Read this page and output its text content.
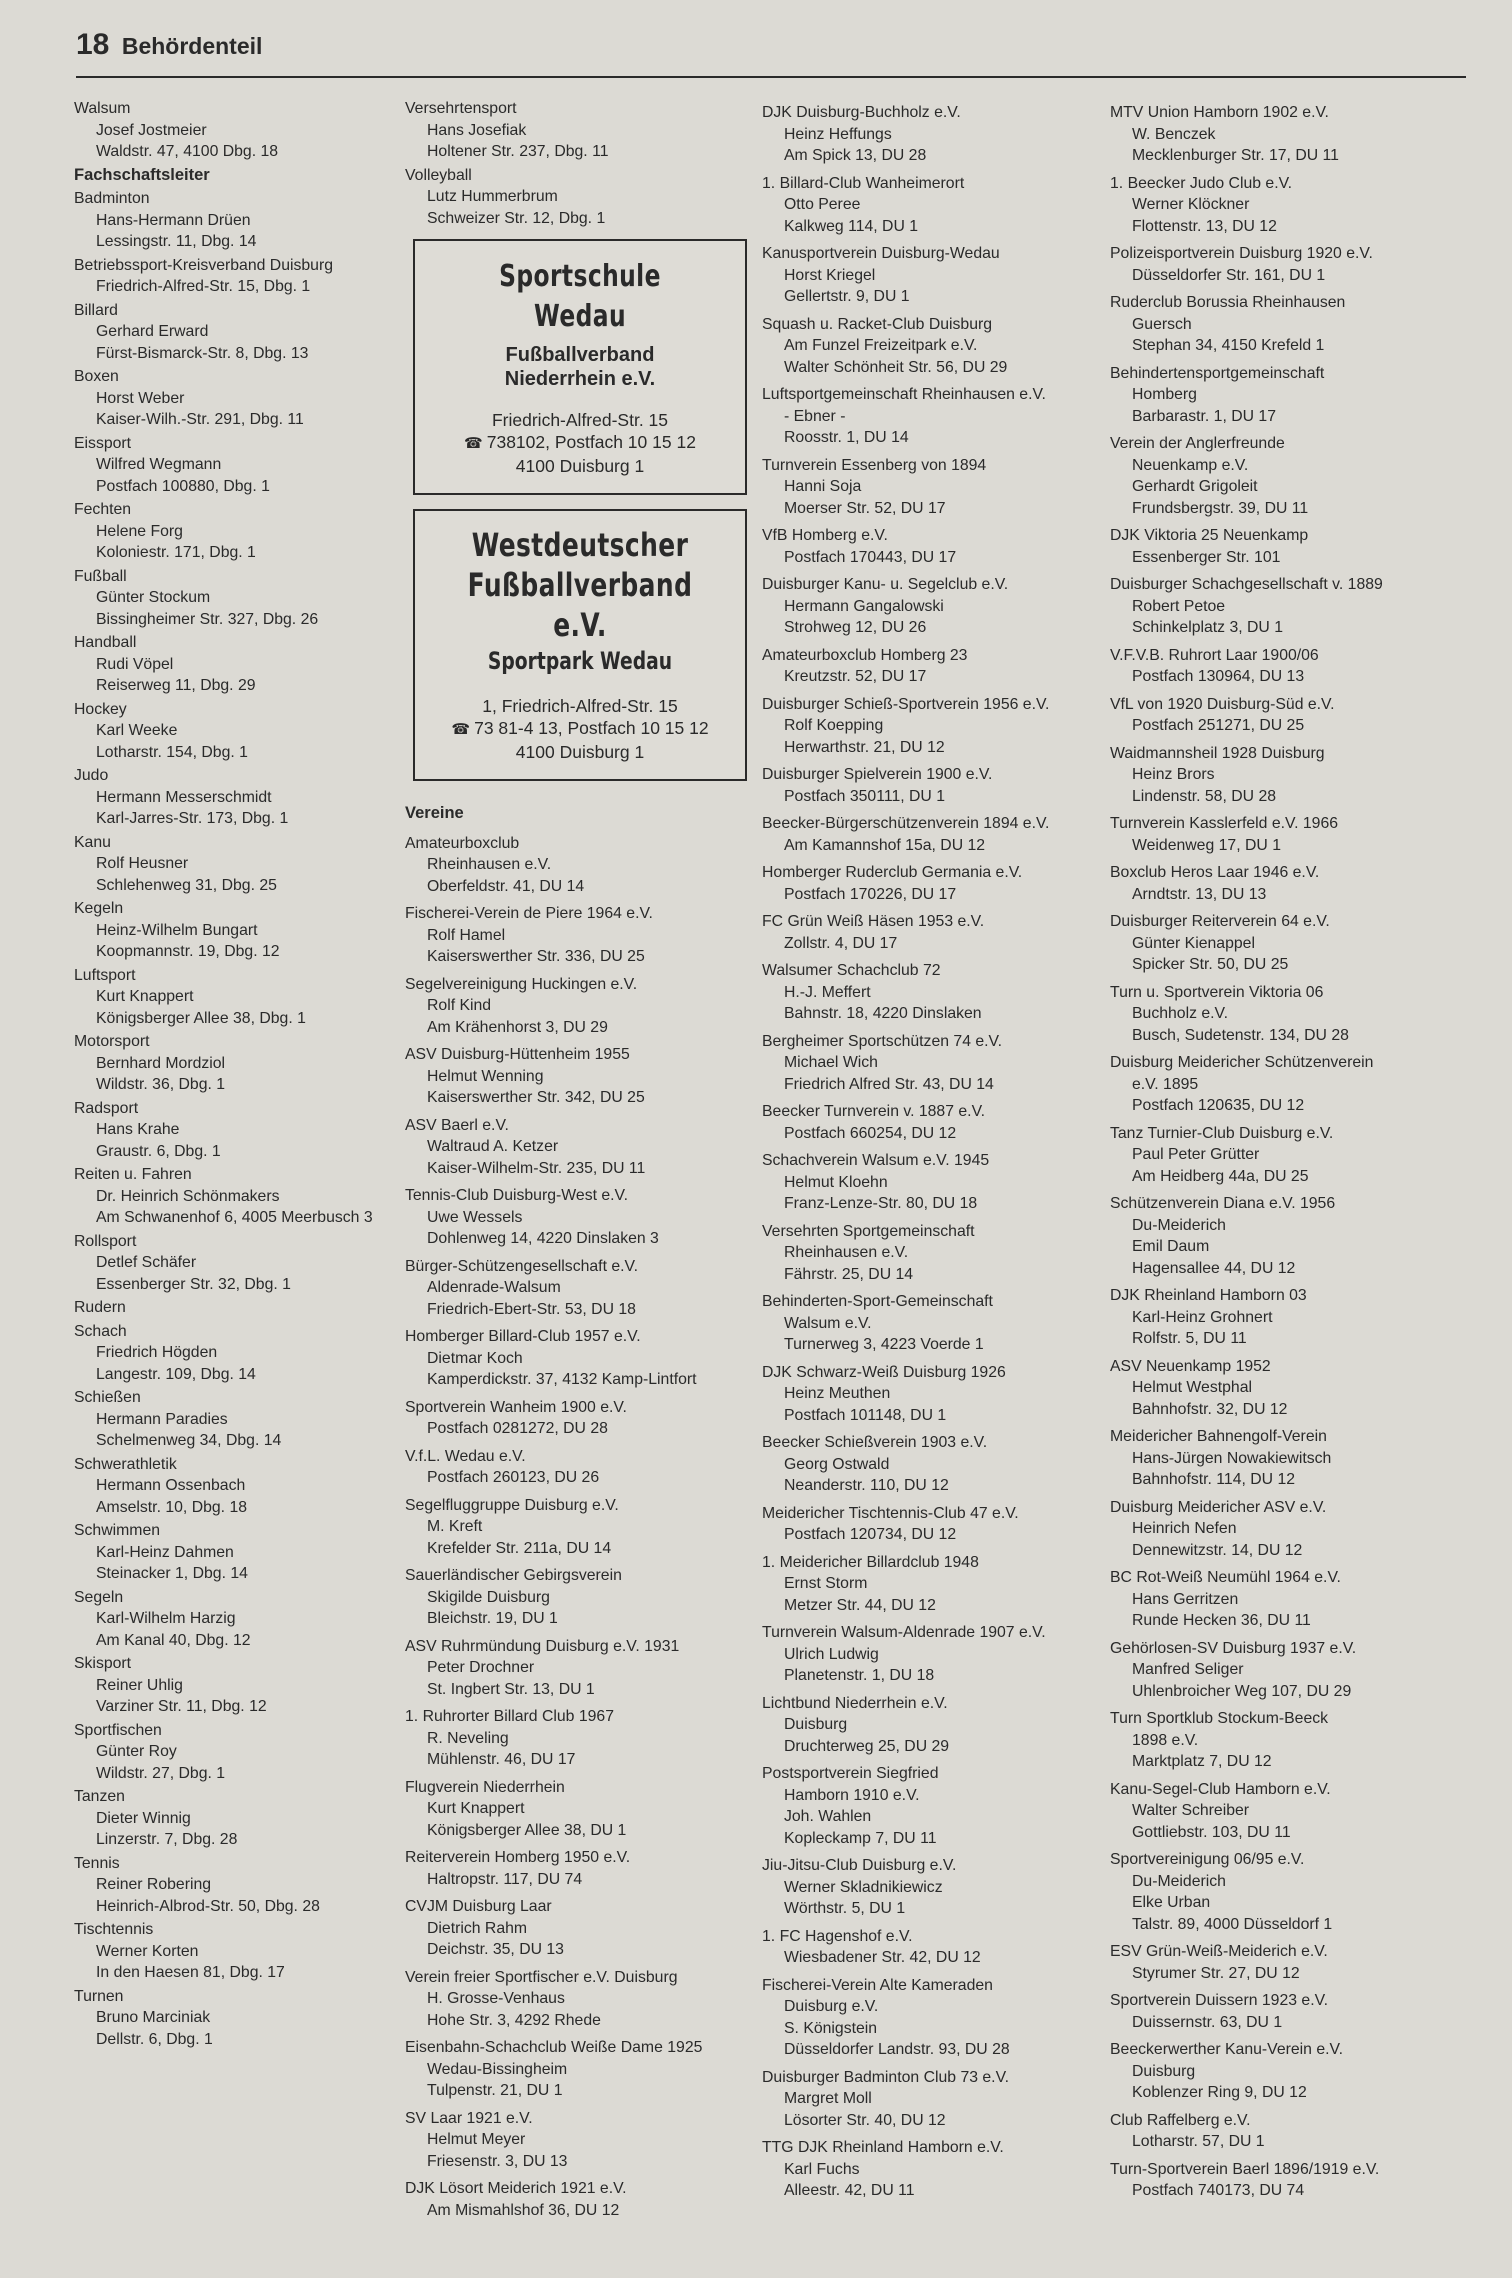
18 Behördenteil
Walsum
Josef Jostmeier
Waldstr. 47, 4100 Dbg. 18
Fachschaftsleiter
Badminton
Hans-Hermann Drüen
Lessingstr. 11, Dbg. 14
Betriebssport-Kreisverband Duisburg
Friedrich-Alfred-Str. 15, Dbg. 1
Billard
Gerhard Erward
Fürst-Bismarck-Str. 8, Dbg. 13
Boxen
Horst Weber
Kaiser-Wilh.-Str. 291, Dbg. 11
Eissport
Wilfred Wegmann
Postfach 100880, Dbg. 1
Fechten
Helene Forg
Koloniestr. 171, Dbg. 1
Fußball
Günter Stockum
Bissingheimer Str. 327, Dbg. 26
Handball
Rudi Vöpel
Reiserweg 11, Dbg. 29
Hockey
Karl Weeke
Lotharstr. 154, Dbg. 1
Judo
Hermann Messerschmidt
Karl-Jarres-Str. 173, Dbg. 1
Kanu
Rolf Heusner
Schlehenweg 31, Dbg. 25
Kegeln
Heinz-Wilhelm Bungart
Koopmannstr. 19, Dbg. 12
Luftsport
Kurt Knappert
Königsberger Allee 38, Dbg. 1
Motorsport
Bernhard Mordziol
Wildstr. 36, Dbg. 1
Radsport
Hans Krahe
Graustr. 6, Dbg. 1
Reiten u. Fahren
Dr. Heinrich Schönmakers
Am Schwanenhof 6, 4005 Meerbusch 3
Rollsport
Detlef Schäfer
Essenberger Str. 32, Dbg. 1
Rudern
Schach
Friedrich Högden
Langestr. 109, Dbg. 14
Schießen
Hermann Paradies
Schelmenweg 34, Dbg. 14
Schwerathletik
Hermann Ossenbach
Amselstr. 10, Dbg. 18
Schwimmen
Karl-Heinz Dahmen
Steinacker 1, Dbg. 14
Segeln
Karl-Wilhelm Harzig
Am Kanal 40, Dbg. 12
Skisport
Reiner Uhlig
Varziner Str. 11, Dbg. 12
Sportfischen
Günter Roy
Wildstr. 27, Dbg. 1
Tanzen
Dieter Winnig
Linzerstr. 7, Dbg. 28
Tennis
Reiner Robering
Heinrich-Albrod-Str. 50, Dbg. 28
Tischtennis
Werner Korten
In den Haesen 81, Dbg. 17
Turnen
Bruno Marciniak
Dellstr. 6, Dbg. 1
Versehrtensport
Hans Josefiak
Holtener Str. 237, Dbg. 11
Volleyball
Lutz Hummerbrum
Schweizer Str. 12, Dbg. 1
Sportschule Wedau
Fußballverband
Niederrhein e.V.
Friedrich-Alfred-Str. 15
☎ 738102, Postfach 10 15 12
4100 Duisburg 1
Westdeutscher
Fußballverband e.V.
Sportpark Wedau
1, Friedrich-Alfred-Str. 15
☎ 73 81-4 13, Postfach 10 15 12
4100 Duisburg 1
Vereine
Amateurboxclub
Rheinhausen e.V.
Oberfeldstr. 41, DU 14
Fischerei-Verein de Piere 1964 e.V.
Rolf Hamel
Kaiserswerther Str. 336, DU 25
Segelvereinigung Huckingen e.V.
Rolf Kind
Am Krähenhorst 3, DU 29
ASV Duisburg-Hüttenheim 1955
Helmut Wenning
Kaiserswerther Str. 342, DU 25
ASV Baerl e.V.
Waltraud A. Ketzer
Kaiser-Wilhelm-Str. 235, DU 11
Tennis-Club Duisburg-West e.V.
Uwe Wessels
Dohlenweg 14, 4220 Dinslaken 3
Bürger-Schützengesellschaft e.V.
Aldenrade-Walsum
Friedrich-Ebert-Str. 53, DU 18
Homberger Billard-Club 1957 e.V.
Dietmar Koch
Kamperdickstr. 37, 4132 Kamp-Lintfort
Sportverein Wanheim 1900 e.V.
Postfach 0281272, DU 28
V.f.L. Wedau e.V.
Postfach 260123, DU 26
Segelfluggruppe Duisburg e.V.
M. Kreft
Krefelder Str. 211a, DU 14
Sauerländischer Gebirgsverein
Skigilde Duisburg
Bleichstr. 19, DU 1
ASV Ruhrmündung Duisburg e.V. 1931
Peter Drochner
St. Ingbert Str. 13, DU 1
1. Ruhrorter Billard Club 1967
R. Neveling
Mühlenstr. 46, DU 17
Flugverein Niederrhein
Kurt Knappert
Königsberger Allee 38, DU 1
Reiterverein Homberg 1950 e.V.
Haltropstr. 117, DU 74
CVJM Duisburg Laar
Dietrich Rahm
Deichstr. 35, DU 13
Verein freier Sportfischer e.V. Duisburg
H. Grosse-Venhaus
Hohe Str. 3, 4292 Rhede
Eisenbahn-Schachclub Weiße Dame 1925
Wedau-Bissingheim
Tulpenstr. 21, DU 1
SV Laar 1921 e.V.
Helmut Meyer
Friesenstr. 3, DU 13
DJK Lösort Meiderich 1921 e.V.
Am Mismahlshof 36, DU 12
DJK Duisburg-Buchholz e.V.
Heinz Heffungs
Am Spick 13, DU 28
1. Billard-Club Wanheimerort
Otto Peree
Kalkweg 114, DU 1
Kanusportverein Duisburg-Wedau
Horst Kriegel
Gellertstr. 9, DU 1
Squash u. Racket-Club Duisburg
Am Funzel Freizeitpark e.V.
Walter Schönheit Str. 56, DU 29
Luftsportgemeinschaft Rheinhausen e.V.
- Ebner -
Roosstr. 1, DU 14
Turnverein Essenberg von 1894
Hanni Soja
Moerser Str. 52, DU 17
VfB Homberg e.V.
Postfach 170443, DU 17
Duisburger Kanu- u. Segelclub e.V.
Hermann Gangalowski
Strohweg 12, DU 26
Amateurboxclub Homberg 23
Kreutzstr. 52, DU 17
Duisburger Schieß-Sportverein 1956 e.V.
Rolf Koepping
Herwarthstr. 21, DU 12
Duisburger Spielverein 1900 e.V.
Postfach 350111, DU 1
Beecker-Bürgerschützenverein 1894 e.V.
Am Kamannshof 15a, DU 12
Homberger Ruderclub Germania e.V.
Postfach 170226, DU 17
FC Grün Weiß Häsen 1953 e.V.
Zollstr. 4, DU 17
Walsumer Schachclub 72
H.-J. Meffert
Bahnstr. 18, 4220 Dinslaken
Bergheimer Sportschützen 74 e.V.
Michael Wich
Friedrich Alfred Str. 43, DU 14
Beecker Turnverein v. 1887 e.V.
Postfach 660254, DU 12
Schachverein Walsum e.V. 1945
Helmut Kloehn
Franz-Lenze-Str. 80, DU 18
Versehrten Sportgemeinschaft
Rheinhausen e.V.
Fährstr. 25, DU 14
Behinderten-Sport-Gemeinschaft
Walsum e.V.
Turnerweg 3, 4223 Voerde 1
DJK Schwarz-Weiß Duisburg 1926
Heinz Meuthen
Postfach 101148, DU 1
Beecker Schießverein 1903 e.V.
Georg Ostwald
Neanderstr. 110, DU 12
Meidericher Tischtennis-Club 47 e.V.
Postfach 120734, DU 12
1. Meidericher Billardclub 1948
Ernst Storm
Metzer Str. 44, DU 12
Turnverein Walsum-Aldenrade 1907 e.V.
Ulrich Ludwig
Planetenstr. 1, DU 18
Lichtbund Niederrhein e.V.
Duisburg
Druchterweg 25, DU 29
Postsportverein Siegfried
Hamborn 1910 e.V.
Joh. Wahlen
Kopleckamp 7, DU 11
Jiu-Jitsu-Club Duisburg e.V.
Werner Skladnikiewicz
Wörthstr. 5, DU 1
1. FC Hagenshof e.V.
Wiesbadener Str. 42, DU 12
Fischerei-Verein Alte Kameraden
Duisburg e.V.
S. Königstein
Düsseldorfer Landstr. 93, DU 28
Duisburger Badminton Club 73 e.V.
Margret Moll
Lösorter Str. 40, DU 12
TTG DJK Rheinland Hamborn e.V.
Karl Fuchs
Alleestr. 42, DU 11
MTV Union Hamborn 1902 e.V.
W. Benczek
Mecklenburger Str. 17, DU 11
1. Beecker Judo Club e.V.
Werner Klöckner
Flottenstr. 13, DU 12
Polizeisportverein Duisburg 1920 e.V.
Düsseldorfer Str. 161, DU 1
Ruderclub Borussia Rheinhausen
Guersch
Stephan 34, 4150 Krefeld 1
Behindertensportgemeinschaft
Homberg
Barbarastr. 1, DU 17
Verein der Anglerfreunde
Neuenkamp e.V.
Gerhardt Grigoleit
Frundsbergstr. 39, DU 11
DJK Viktoria 25 Neuenkamp
Essenberger Str. 101
Duisburger Schachgesellschaft v. 1889
Robert Petoe
Schinkelplatz 3, DU 1
V.F.V.B. Ruhrort Laar 1900/06
Postfach 130964, DU 13
VfL von 1920 Duisburg-Süd e.V.
Postfach 251271, DU 25
Waidmannsheil 1928 Duisburg
Heinz Brors
Lindenstr. 58, DU 28
Turnverein Kasslerfeld e.V. 1966
Weidenweg 17, DU 1
Boxclub Heros Laar 1946 e.V.
Arndtstr. 13, DU 13
Duisburger Reiterverein 64 e.V.
Günter Kienappel
Spicker Str. 50, DU 25
Turn u. Sportverein Viktoria 06
Buchholz e.V.
Busch, Sudetenstr. 134, DU 28
Duisburg Meidericher Schützenverein
e.V. 1895
Postfach 120635, DU 12
Tanz Turnier-Club Duisburg e.V.
Paul Peter Grütter
Am Heidberg 44a, DU 25
Schützenverein Diana e.V. 1956
Du-Meiderich
Emil Daum
Hagensallee 44, DU 12
DJK Rheinland Hamborn 03
Karl-Heinz Grohnert
Rolfstr. 5, DU 11
ASV Neuenkamp 1952
Helmut Westphal
Bahnhofstr. 32, DU 12
Meidericher Bahnengolf-Verein
Hans-Jürgen Nowakiewitsch
Bahnhofstr. 114, DU 12
Duisburg Meidericher ASV e.V.
Heinrich Nefen
Dennewitzstr. 14, DU 12
BC Rot-Weiß Neumühl 1964 e.V.
Hans Gerritzen
Runde Hecken 36, DU 11
Gehörlosen-SV Duisburg 1937 e.V.
Manfred Seliger
Uhlenbroicher Weg 107, DU 29
Turn Sportklub Stockum-Beeck
1898 e.V.
Marktplatz 7, DU 12
Kanu-Segel-Club Hamborn e.V.
Walter Schreiber
Gottliebstr. 103, DU 11
Sportvereinigung 06/95 e.V.
Du-Meiderich
Elke Urban
Talstr. 89, 4000 Düsseldorf 1
ESV Grün-Weiß-Meiderich e.V.
Styrumer Str. 27, DU 12
Sportverein Duissern 1923 e.V.
Duissernstr. 63, DU 1
Beeckerwerther Kanu-Verein e.V.
Duisburg
Koblenzer Ring 9, DU 12
Club Raffelberg e.V.
Lotharstr. 57, DU 1
Turn-Sportverein Baerl 1896/1919 e.V.
Postfach 740173, DU 74
